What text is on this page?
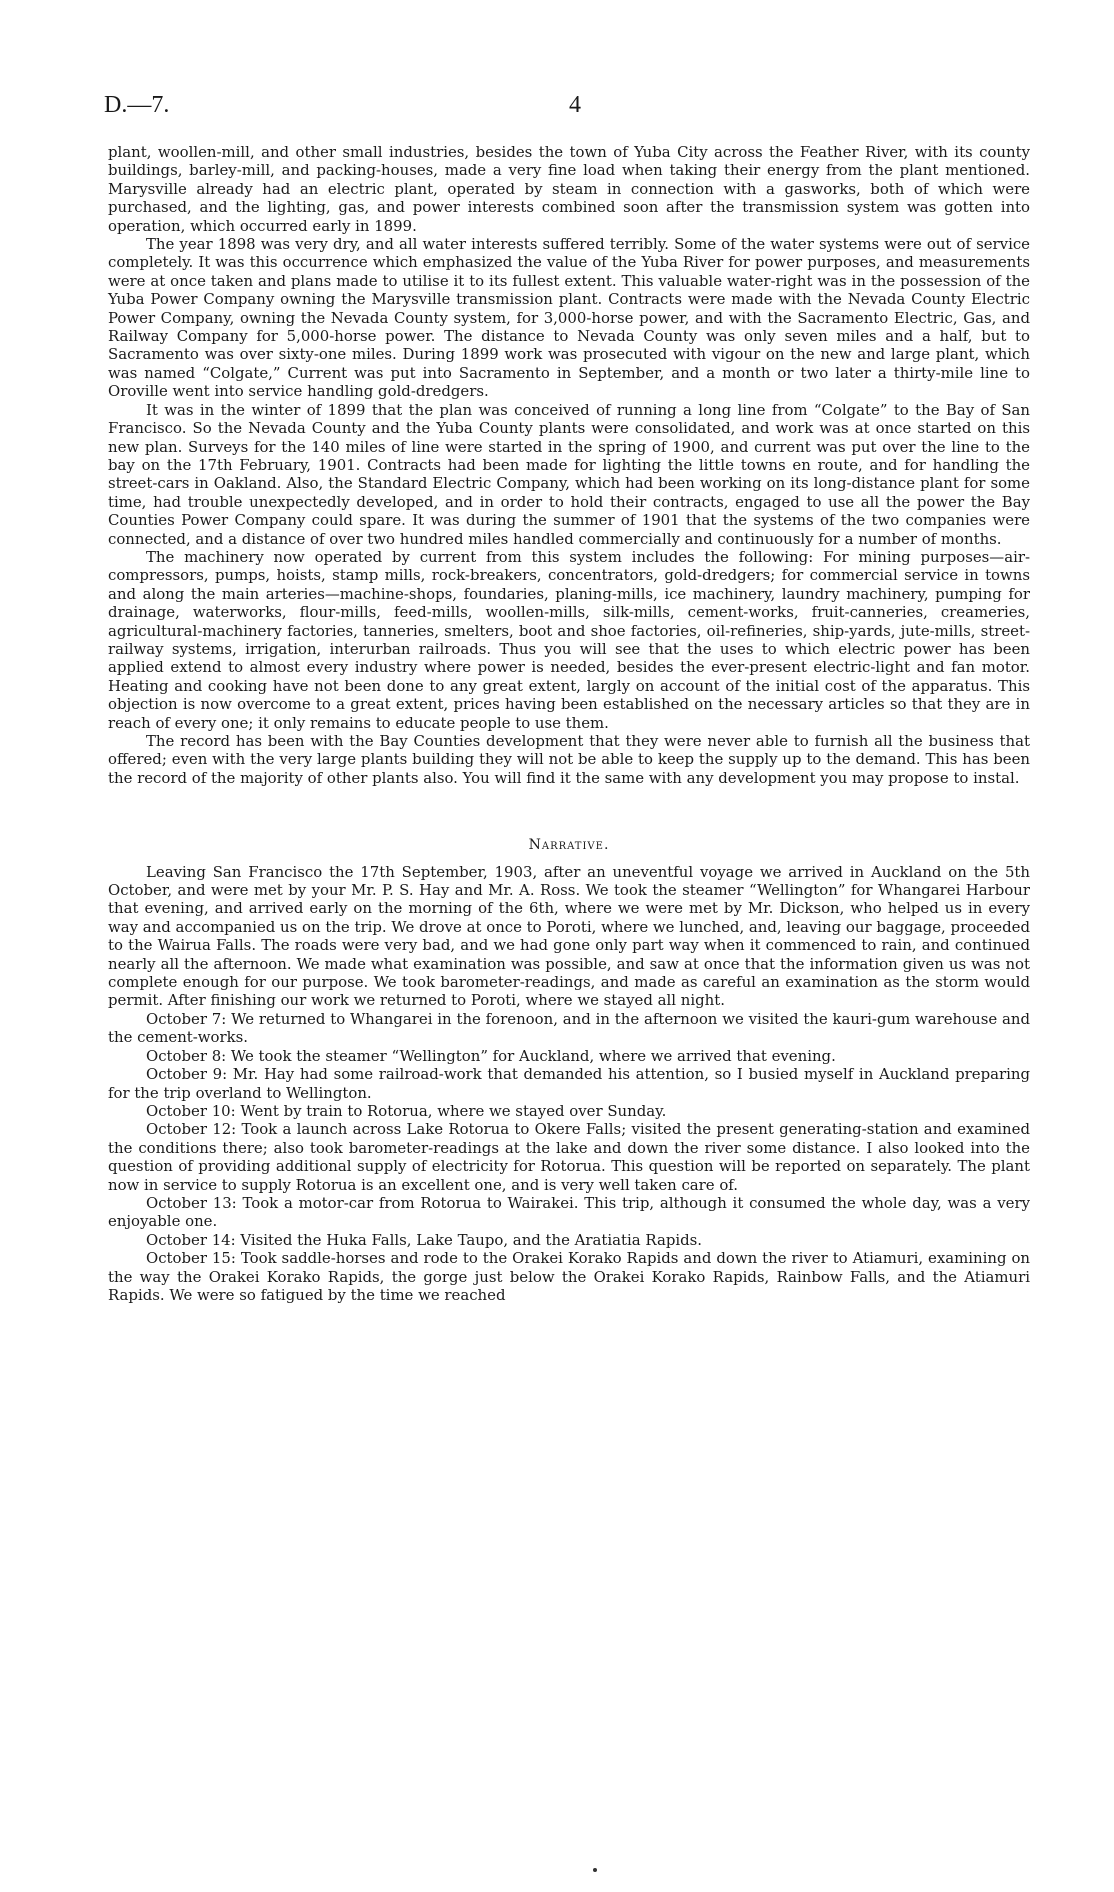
D.—7.	4

plant, woollen-mill, and other small industries, besides the town of Yuba City across the Feather River, with its county buildings, barley-mill, and packing-houses, made a very fine load when taking their energy from the plant mentioned. Marysville already had an electric plant, operated by steam in connection with a gasworks, both of which were purchased, and the lighting, gas, and power interests combined soon after the transmission system was gotten into operation, which occurred early in 1899.

The year 1898 was very dry, and all water interests suffered terribly. Some of the water systems were out of service completely. It was this occurrence which emphasized the value of the Yuba River for power purposes, and measurements were at once taken and plans made to utilise it to its fullest extent. This valuable water-right was in the possession of the Yuba Power Company owning the Marysville transmission plant. Contracts were made with the Nevada County Electric Power Company, owning the Nevada County system, for 3,000-horse power, and with the Sacramento Electric, Gas, and Railway Company for 5,000-horse power. The distance to Nevada County was only seven miles and a half, but to Sacramento was over sixty-one miles. During 1899 work was prosecuted with vigour on the new and large plant, which was named “Colgate,” Current was put into Sacramento in September, and a month or two later a thirty-mile line to Oroville went into service handling gold-dredgers.

It was in the winter of 1899 that the plan was conceived of running a long line from “Colgate” to the Bay of San Francisco. So the Nevada County and the Yuba County plants were consolidated, and work was at once started on this new plan. Surveys for the 140 miles of line were started in the spring of 1900, and current was put over the line to the bay on the 17th February, 1901. Contracts had been made for lighting the little towns en route, and for handling the street-cars in Oakland. Also, the Standard Electric Company, which had been working on its long-distance plant for some time, had trouble unexpectedly developed, and in order to hold their contracts, engaged to use all the power the Bay Counties Power Company could spare. It was during the summer of 1901 that the systems of the two companies were connected, and a distance of over two hundred miles handled commercially and continuously for a number of months.

The machinery now operated by current from this system includes the following: For mining purposes—air-compressors, pumps, hoists, stamp mills, rock-breakers, concentrators, gold-dredgers; for commercial service in towns and along the main arteries—machine-shops, foundaries, planing-mills, ice machinery, laundry machinery, pumping for drainage, waterworks, flour-mills, feed-mills, woollen-mills, silk-mills, cement-works, fruit-canneries, creameries, agricultural-machinery factories, tanneries, smelters, boot and shoe factories, oil-refineries, ship-yards, jute-mills, street-railway systems, irrigation, interurban railroads. Thus you will see that the uses to which electric power has been applied extend to almost every industry where power is needed, besides the ever-present electric-light and fan motor. Heating and cooking have not been done to any great extent, largly on account of the initial cost of the apparatus. This objection is now overcome to a great extent, prices having been established on the necessary articles so that they are in reach of every one; it only remains to educate people to use them.

The record has been with the Bay Counties development that they were never able to furnish all the business that offered; even with the very large plants building they will not be able to keep the supply up to the demand. This has been the record of the majority of other plants also. You will find it the same with any development you may propose to instal.

Narrative.

Leaving San Francisco the 17th September, 1903, after an uneventful voyage we arrived in Auckland on the 5th October, and were met by your Mr. P. S. Hay and Mr. A. Ross. We took the steamer “Wellington” for Whangarei Harbour that evening, and arrived early on the morning of the 6th, where we were met by Mr. Dickson, who helped us in every way and accompanied us on the trip. We drove at once to Poroti, where we lunched, and, leaving our baggage, proceeded to the Wairua Falls. The roads were very bad, and we had gone only part way when it commenced to rain, and continued nearly all the afternoon. We made what examination was possible, and saw at once that the information given us was not complete enough for our purpose. We took barometer-readings, and made as careful an examination as the storm would permit. After finishing our work we returned to Poroti, where we stayed all night.

October 7: We returned to Whangarei in the forenoon, and in the afternoon we visited the kauri-gum warehouse and the cement-works.

October 8: We took the steamer “Wellington” for Auckland, where we arrived that evening.

October 9: Mr. Hay had some railroad-work that demanded his attention, so I busied myself in Auckland preparing for the trip overland to Wellington.

October 10: Went by train to Rotorua, where we stayed over Sunday.

October 12: Took a launch across Lake Rotorua to Okere Falls; visited the present generating-station and examined the conditions there; also took barometer-readings at the lake and down the river some distance. I also looked into the question of providing additional supply of electricity for Rotorua. This question will be reported on separately. The plant now in service to supply Rotorua is an excellent one, and is very well taken care of.

October 13: Took a motor-car from Rotorua to Wairakei. This trip, although it consumed the whole day, was a very enjoyable one.

October 14: Visited the Huka Falls, Lake Taupo, and the Aratiatia Rapids.

October 15: Took saddle-horses and rode to the Orakei Korako Rapids and down the river to Atiamuri, examining on the way the Orakei Korako Rapids, the gorge just below the Orakei Korako Rapids, Rainbow Falls, and the Atiamuri Rapids. We were so fatigued by the time we reached
